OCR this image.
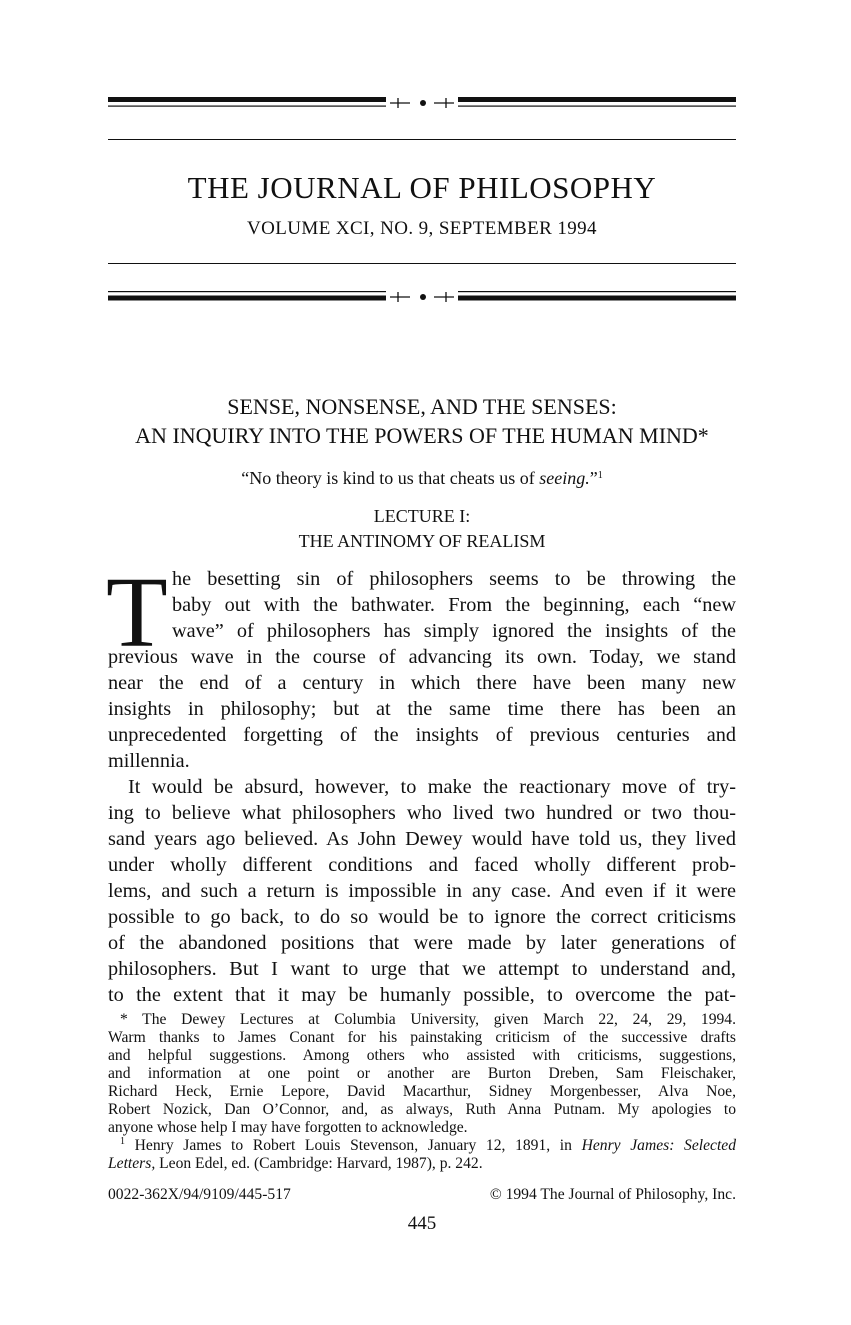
THE JOURNAL OF PHILOSOPHY
VOLUME XCI, NO. 9, SEPTEMBER 1994
SENSE, NONSENSE, AND THE SENSES:
AN INQUIRY INTO THE POWERS OF THE HUMAN MIND*
“No theory is kind to us that cheats us of seeing.”$^1$
LECTURE I:
THE ANTINOMY OF REALISM
T he besetting sin of philosophers seems to be throwing the
baby out with the bathwater. From the beginning, each “new
wave” of philosophers has simply ignored the insights of the
previous wave in the course of advancing its own. Today, we stand
near the end of a century in which there have been many new
insights in philosophy; but at the same time there has been an
unprecedented forgetting of the insights of previous centuries and
millennia.
It would be absurd, however, to make the reactionary move of try-
ing to believe what philosophers who lived two hundred or two thou-
sand years ago believed. As John Dewey would have told us, they lived
under wholly different conditions and faced wholly different prob-
lems, and such a return is impossible in any case. And even if it were
possible to go back, to do so would be to ignore the correct criticisms
of the abandoned positions that were made by later generations of
philosophers. But I want to urge that we attempt to understand and,
to the extent that it may be humanly possible, to overcome the pat-
* The Dewey Lectures at Columbia University, given March 22, 24, 29, 1994.
Warm thanks to James Conant for his painstaking criticism of the successive drafts
and helpful suggestions. Among others who assisted with criticisms, suggestions,
and information at one point or another are Burton Dreben, Sam Fleischaker,
Richard Heck, Ernie Lepore, David Macarthur, Sidney Morgenbesser, Alva Noe,
Robert Nozick, Dan O’Connor, and, as always, Ruth Anna Putnam. My apologies to
anyone whose help I may have forgotten to acknowledge.
$^1$ Henry James to Robert Louis Stevenson, January 12, 1891, in Henry James: Selected
Letters, Leon Edel, ed. (Cambridge: Harvard, 1987), p. 242.
0022-362X/94/9109/445-517	© 1994 The Journal of Philosophy, Inc.
445
